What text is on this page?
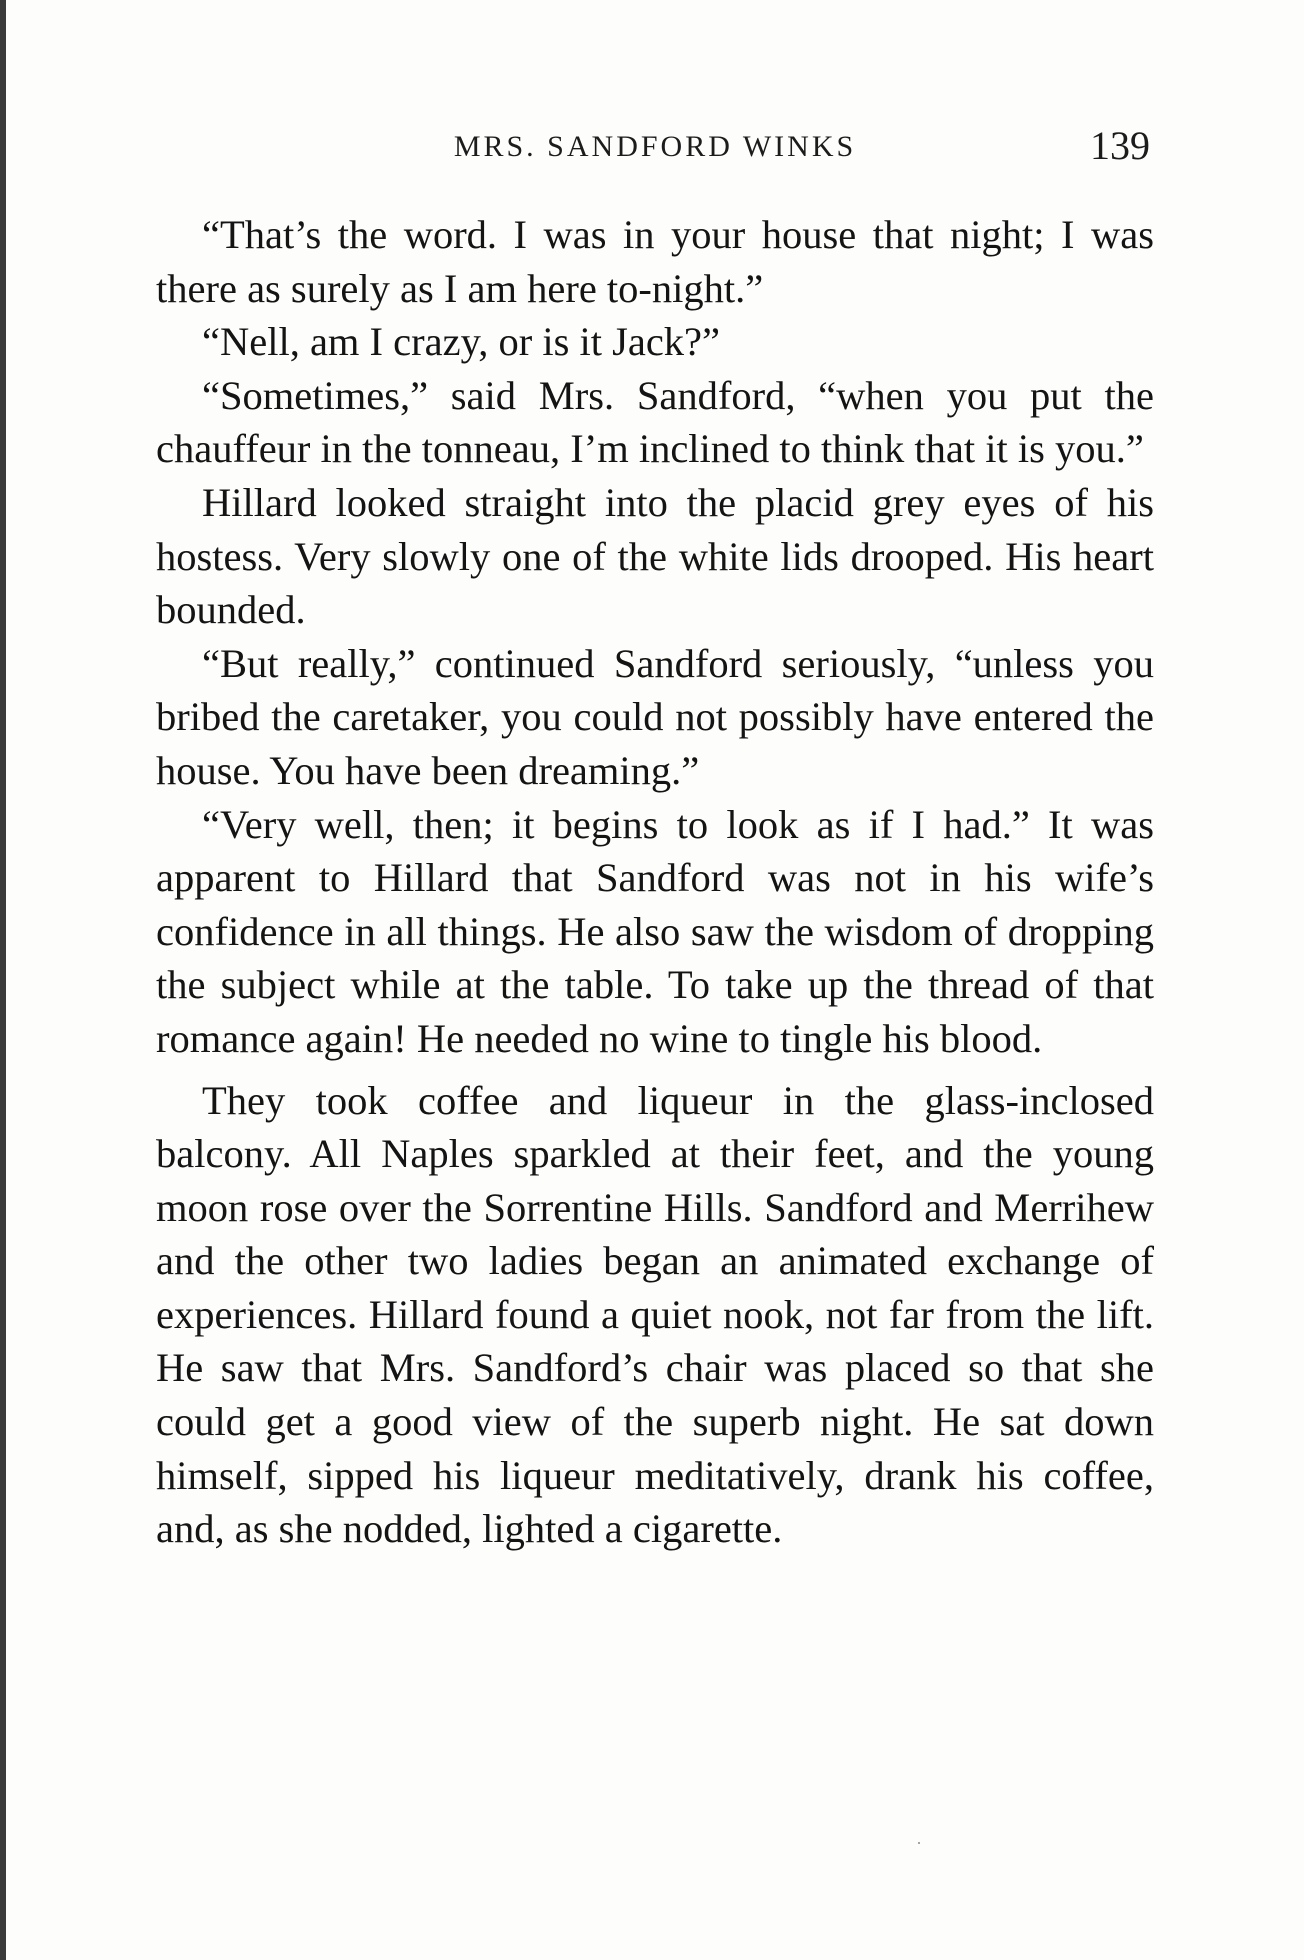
MRS. SANDFORD WINKS	139

“That’s the word. I was in your house that night; I was there as surely as I am here to-night.”

“Nell, am I crazy, or is it Jack?”

“Sometimes,” said Mrs. Sandford, “when you put the chauffeur in the tonneau, I’m inclined to think that it is you.”

Hillard looked straight into the placid grey eyes of his hostess. Very slowly one of the white lids drooped. His heart bounded.

“But really,” continued Sandford seriously, “unless you bribed the caretaker, you could not possibly have entered the house. You have been dreaming.”

“Very well, then; it begins to look as if I had.” It was apparent to Hillard that Sandford was not in his wife’s confidence in all things. He also saw the wisdom of dropping the subject while at the table. To take up the thread of that romance again! He needed no wine to tingle his blood.

They took coffee and liqueur in the glass-inclosed balcony. All Naples sparkled at their feet, and the young moon rose over the Sorrentine Hills. Sandford and Merrihew and the other two ladies began an animated exchange of experiences. Hillard found a quiet nook, not far from the lift. He saw that Mrs. Sandford’s chair was placed so that she could get a good view of the superb night. He sat down himself, sipped his liqueur meditatively, drank his coffee, and, as she nodded, lighted a cigarette.
